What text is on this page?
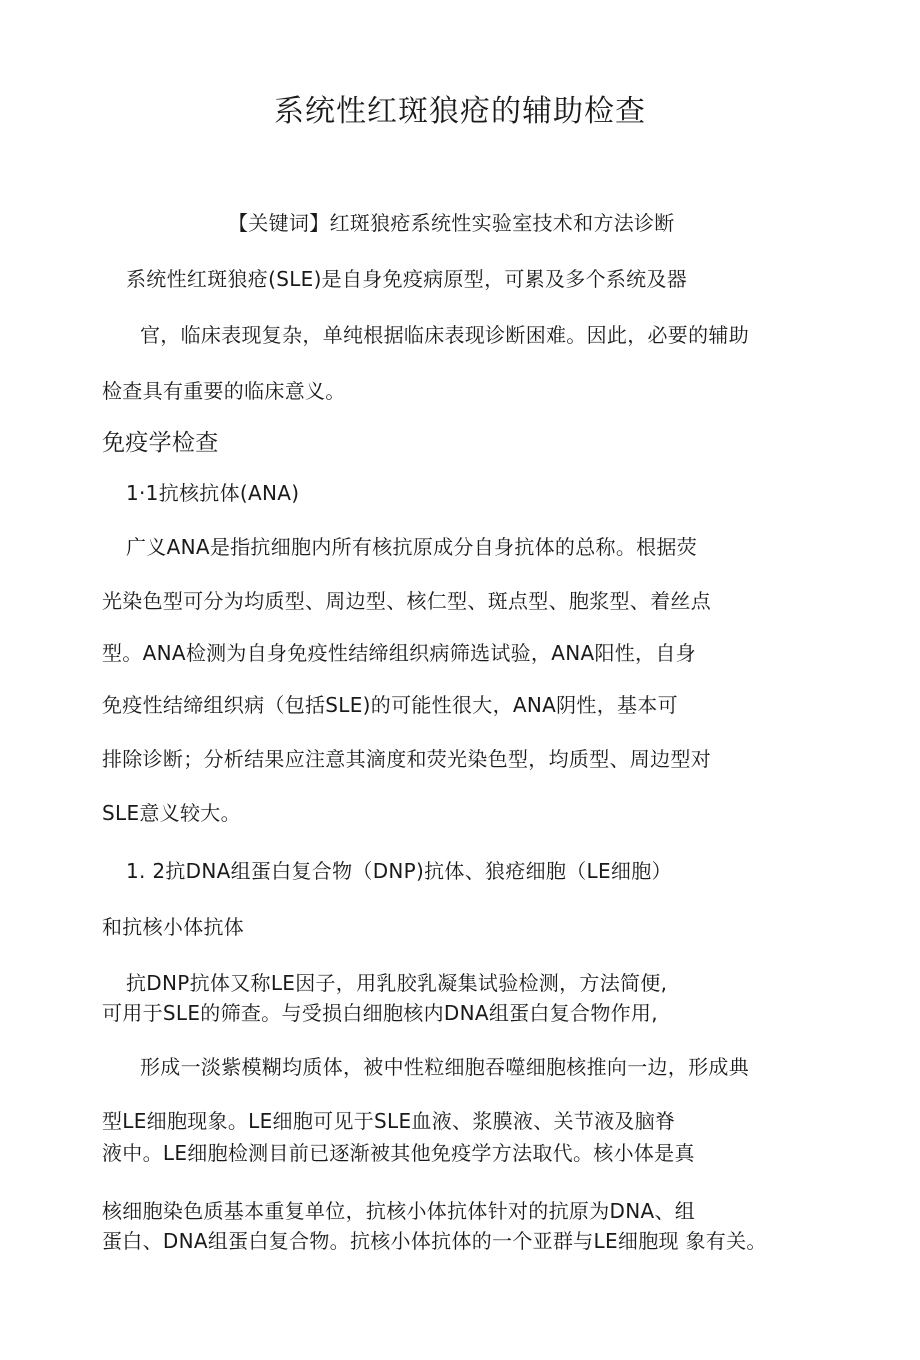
系统性红斑狼疮的辅助检查
【关键词】红斑狼疮系统性实验室技术和方法诊断
系统性红斑狼疮(SLE)是自身免疫病原型，可累及多个系统及器
官，临床表现复杂，单纯根据临床表现诊断困难。因此，必要的辅助
检查具有重要的临床意义。
免疫学检查
1·1抗核抗体(ANA)
广义ANA是指抗细胞内所有核抗原成分自身抗体的总称。根据荧
光染色型可分为均质型、周边型、核仁型、斑点型、胞浆型、着丝点
型。ANA检测为自身免疫性结缔组织病筛选试验，ANA阳性，自身
免疫性结缔组织病（包括SLE)的可能性很大，ANA阴性，基本可
排除诊断；分析结果应注意其滴度和荧光染色型，均质型、周边型对
SLE意义较大。
1. 2抗DNA组蛋白复合物（DNP)抗体、狼疮细胞（LE细胞）
和抗核小体抗体
抗DNP抗体又称LE因子，用乳胶乳凝集试验检测，方法简便,
可用于SLE的筛查。与受损白细胞核内DNA组蛋白复合物作用,
形成一淡紫模糊均质体，被中性粒细胞吞噬细胞核推向一边，形成典
型LE细胞现象。LE细胞可见于SLE血液、浆膜液、关节液及脑脊
液中。LE细胞检测目前已逐渐被其他免疫学方法取代。核小体是真
核细胞染色质基本重复单位，抗核小体抗体针对的抗原为DNA、组
蛋白、DNA组蛋白复合物。抗核小体抗体的一个亚群与LE细胞现 象有关。
